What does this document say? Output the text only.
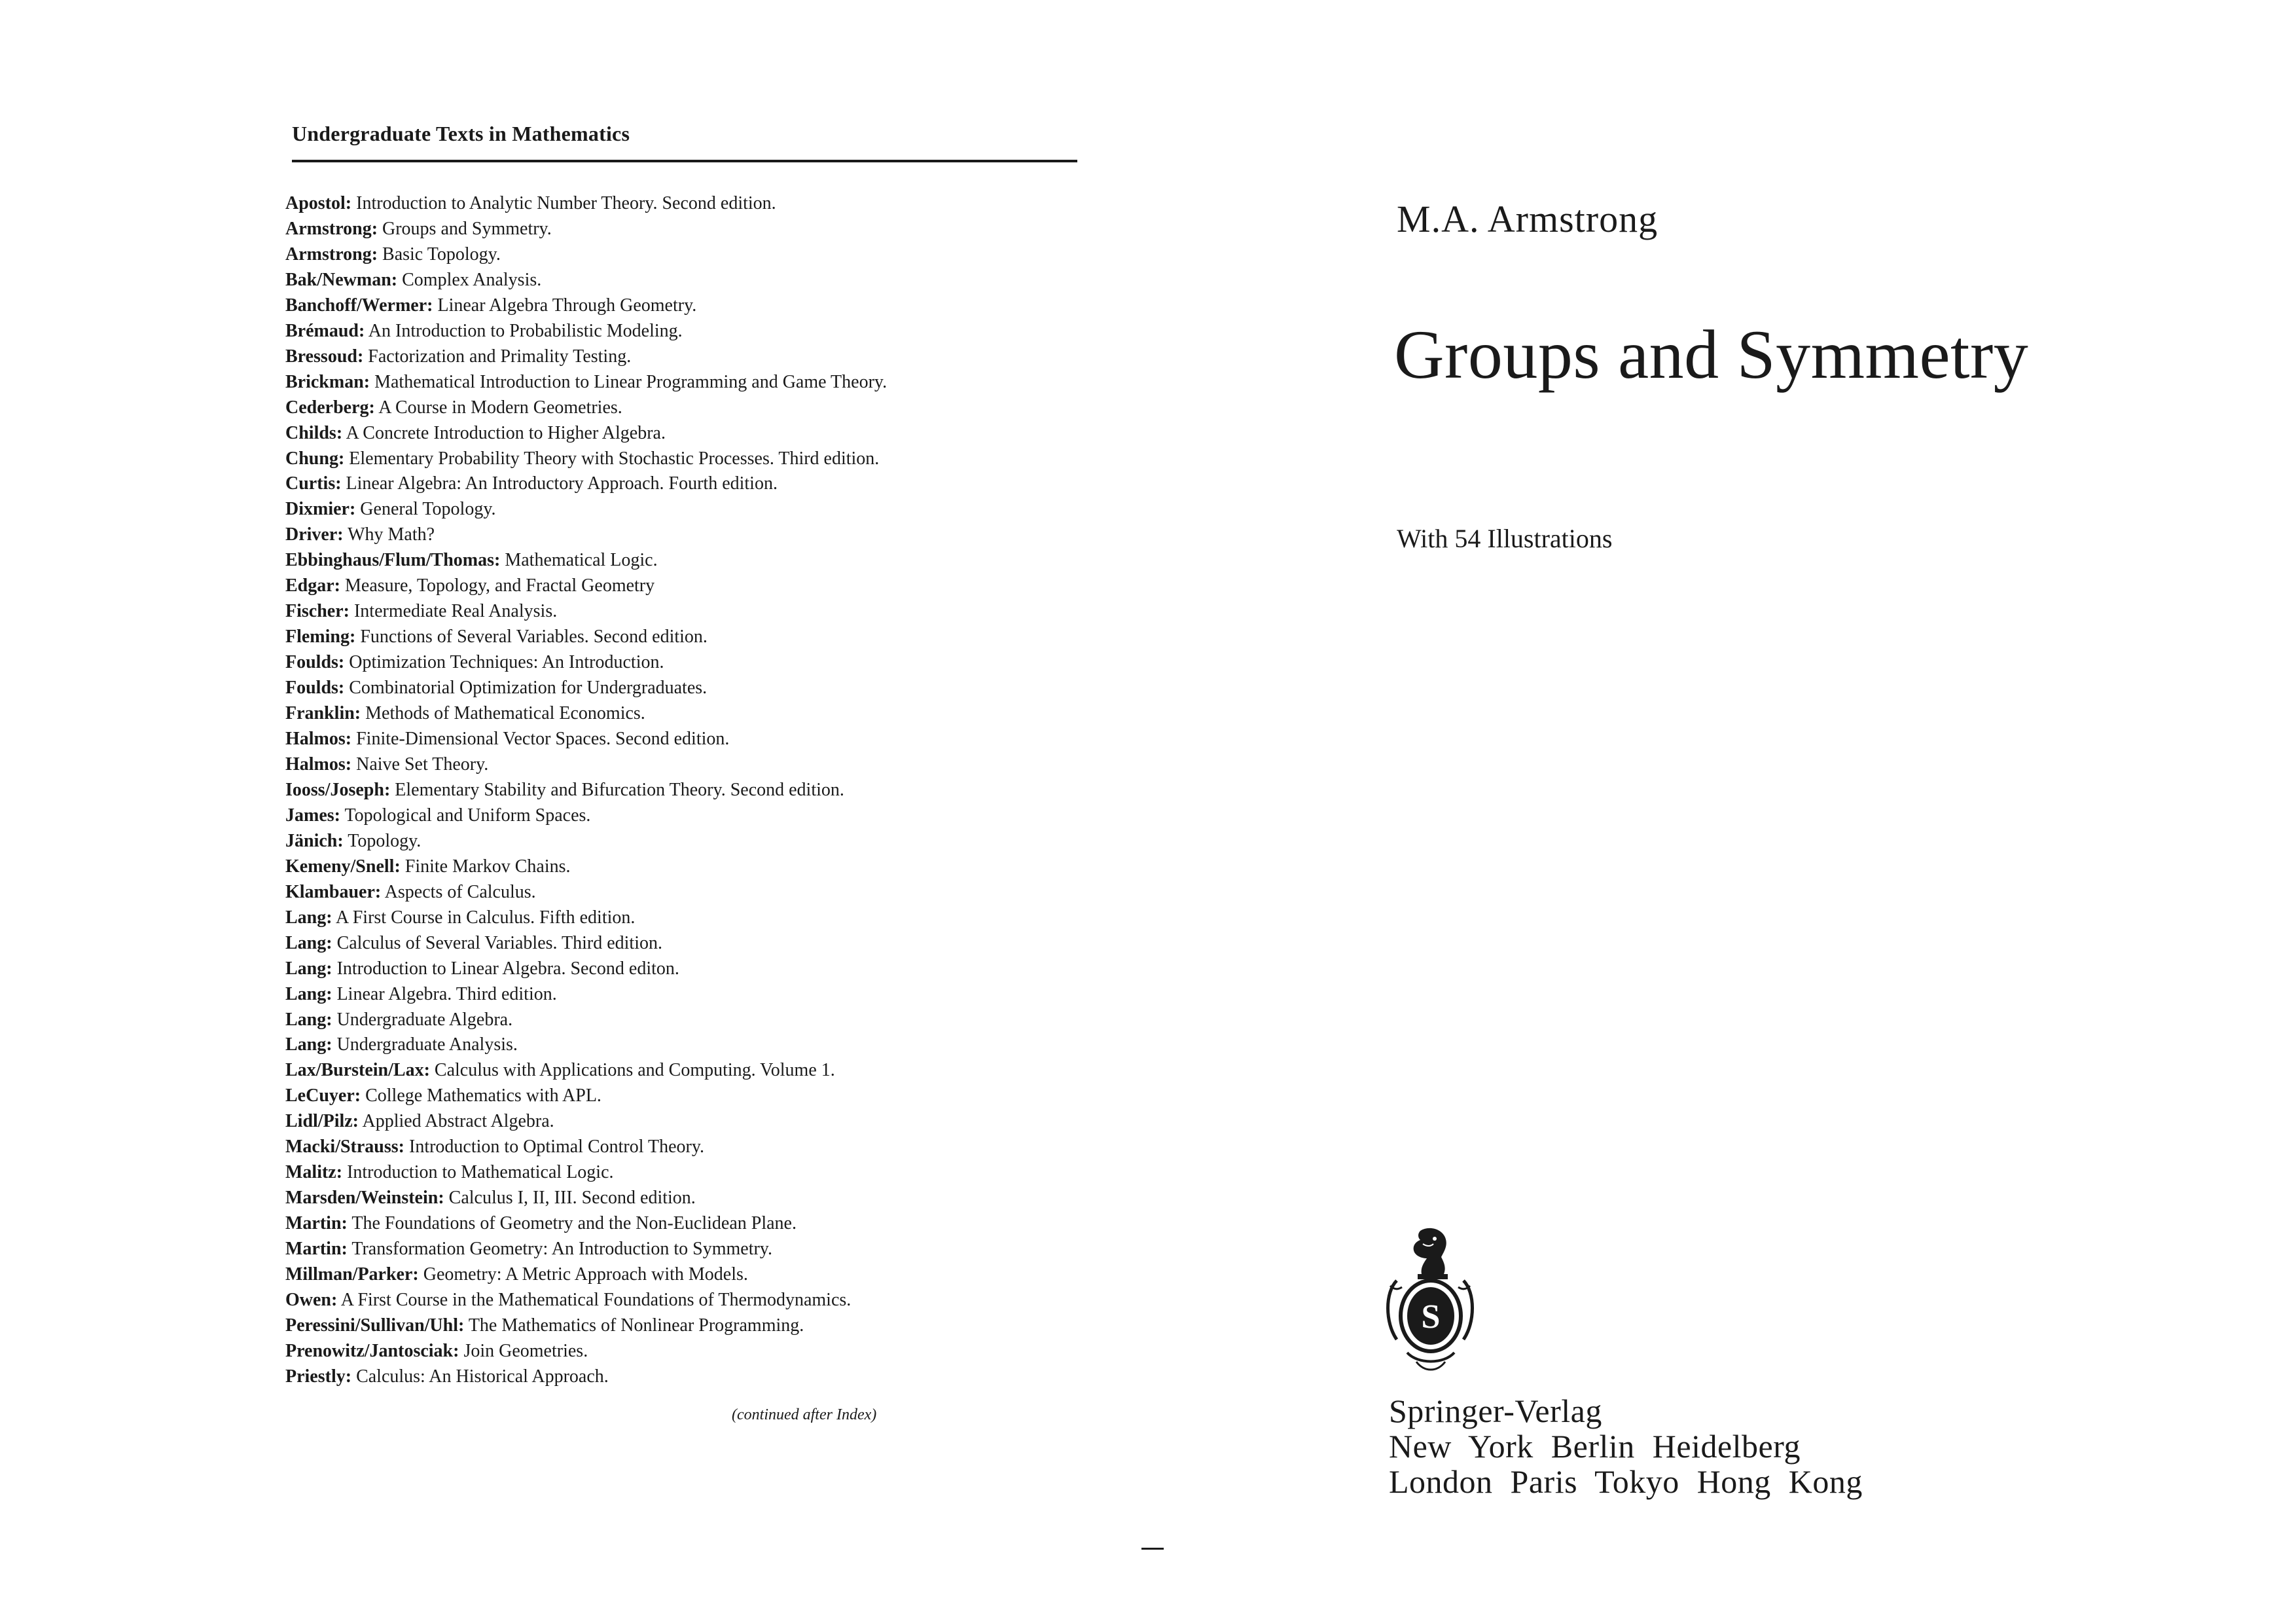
Undergraduate Texts in Mathematics
Apostol: Introduction to Analytic Number Theory. Second edition.
Armstrong: Groups and Symmetry.
Armstrong: Basic Topology.
Bak/Newman: Complex Analysis.
Banchoff/Wermer: Linear Algebra Through Geometry.
Brémaud: An Introduction to Probabilistic Modeling.
Bressoud: Factorization and Primality Testing.
Brickman: Mathematical Introduction to Linear Programming and Game Theory.
Cederberg: A Course in Modern Geometries.
Childs: A Concrete Introduction to Higher Algebra.
Chung: Elementary Probability Theory with Stochastic Processes. Third edition.
Curtis: Linear Algebra: An Introductory Approach. Fourth edition.
Dixmier: General Topology.
Driver: Why Math?
Ebbinghaus/Flum/Thomas: Mathematical Logic.
Edgar: Measure, Topology, and Fractal Geometry
Fischer: Intermediate Real Analysis.
Fleming: Functions of Several Variables. Second edition.
Foulds: Optimization Techniques: An Introduction.
Foulds: Combinatorial Optimization for Undergraduates.
Franklin: Methods of Mathematical Economics.
Halmos: Finite-Dimensional Vector Spaces. Second edition.
Halmos: Naive Set Theory.
Iooss/Joseph: Elementary Stability and Bifurcation Theory. Second edition.
James: Topological and Uniform Spaces.
Jänich: Topology.
Kemeny/Snell: Finite Markov Chains.
Klambauer: Aspects of Calculus.
Lang: A First Course in Calculus. Fifth edition.
Lang: Calculus of Several Variables. Third edition.
Lang: Introduction to Linear Algebra. Second editon.
Lang: Linear Algebra. Third edition.
Lang: Undergraduate Algebra.
Lang: Undergraduate Analysis.
Lax/Burstein/Lax: Calculus with Applications and Computing. Volume 1.
LeCuyer: College Mathematics with APL.
Lidl/Pilz: Applied Abstract Algebra.
Macki/Strauss: Introduction to Optimal Control Theory.
Malitz: Introduction to Mathematical Logic.
Marsden/Weinstein: Calculus I, II, III. Second edition.
Martin: The Foundations of Geometry and the Non-Euclidean Plane.
Martin: Transformation Geometry: An Introduction to Symmetry.
Millman/Parker: Geometry: A Metric Approach with Models.
Owen: A First Course in the Mathematical Foundations of Thermodynamics.
Peressini/Sullivan/Uhl: The Mathematics of Nonlinear Programming.
Prenowitz/Jantosciak: Join Geometries.
Priestly: Calculus: An Historical Approach.
(continued after Index)
M.A. Armstrong
Groups and Symmetry
With 54 Illustrations
S
Springer-Verlag
New York Berlin Heidelberg
London Paris Tokyo Hong Kong
